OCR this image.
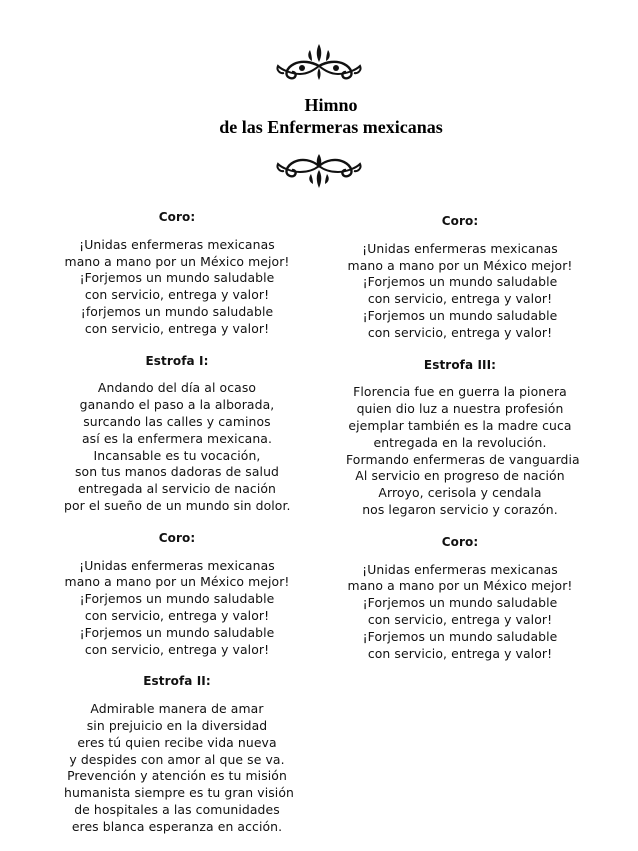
Himno
de las Enfermeras mexicanas
Coro:
¡Unidas enfermeras mexicanas
mano a mano por un México mejor!
¡Forjemos un mundo saludable
con servicio, entrega y valor!
¡forjemos un mundo saludable
con servicio, entrega y valor!
Estrofa I:
Andando del día al ocaso
ganando el paso a la alborada,
surcando las calles y caminos
así es la enfermera mexicana.
Incansable es tu vocación,
son tus manos dadoras de salud
entregada al servicio de nación
por el sueño de un mundo sin dolor.
Coro:
¡Unidas enfermeras mexicanas
mano a mano por un México mejor!
¡Forjemos un mundo saludable
con servicio, entrega y valor!
¡Forjemos un mundo saludable
con servicio, entrega y valor!
Estrofa II:
Admirable manera de amar
sin prejuicio en la diversidad
eres tú quien recibe vida nueva
y despides con amor al que se va.
Prevención y atención es tu misión
humanista siempre es tu gran visión
de hospitales a las comunidades
eres blanca esperanza en acción.
Coro:
¡Unidas enfermeras mexicanas
mano a mano por un México mejor!
¡Forjemos un mundo saludable
con servicio, entrega y valor!
¡Forjemos un mundo saludable
con servicio, entrega y valor!
Estrofa III:
Florencia fue en guerra la pionera
quien dio luz a nuestra profesión
ejemplar también es la madre cuca
entregada en la revolución.
Formando enfermeras de vanguardia
Al servicio en progreso de nación
Arroyo, cerisola y cendala
nos legaron servicio y corazón.
Coro:
¡Unidas enfermeras mexicanas
mano a mano por un México mejor!
¡Forjemos un mundo saludable
con servicio, entrega y valor!
¡Forjemos un mundo saludable
con servicio, entrega y valor!
